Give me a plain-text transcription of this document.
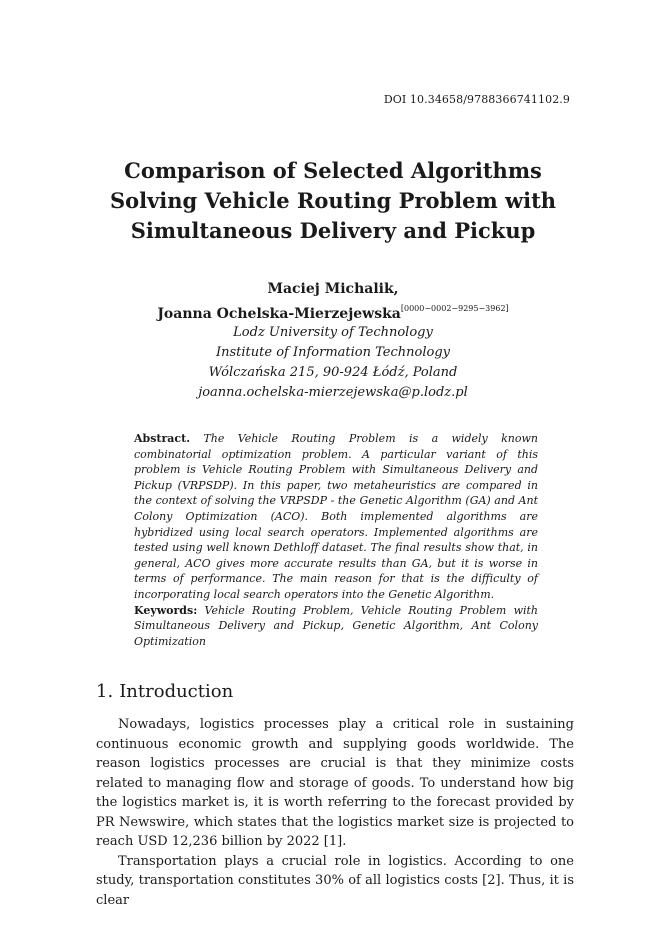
DOI 10.34658/9788366741102.9
Comparison of Selected Algorithms
Solving Vehicle Routing Problem with
Simultaneous Delivery and Pickup
Maciej Michalik,
Joanna Ochelska-Mierzejewska[0000−0002−9295−3962]
Lodz University of Technology
Institute of Information Technology
Wólczańska 215, 90-924 Łódź, Poland
joanna.ochelska-mierzejewska@p.lodz.pl
Abstract. The Vehicle Routing Problem is a widely known combinatorial optimization problem. A particular variant of this problem is Vehicle Routing Problem with Simultaneous Delivery and Pickup (VRPSDP). In this paper, two metaheuristics are compared in the context of solving the VRPSDP - the Genetic Algorithm (GA) and Ant Colony Optimization (ACO). Both implemented algorithms are hybridized using local search operators. Implemented algorithms are tested using well known Dethloff dataset. The final results show that, in general, ACO gives more accurate results than GA, but it is worse in terms of performance. The main reason for that is the difficulty of incorporating local search operators into the Genetic Algorithm.
Keywords: Vehicle Routing Problem, Vehicle Routing Problem with Simultaneous Delivery and Pickup, Genetic Algorithm, Ant Colony Optimization
1. Introduction

Nowadays, logistics processes play a critical role in sustaining continuous economic growth and supplying goods worldwide. The reason logistics processes are crucial is that they minimize costs related to managing flow and storage of goods. To understand how big the logistics market is, it is worth referring to the forecast provided by PR Newswire, which states that the logistics market size is projected to reach USD 12,236 billion by 2022 [1].

Transportation plays a crucial role in logistics. According to one study, transportation constitutes 30% of all logistics costs [2]. Thus, it is clear
